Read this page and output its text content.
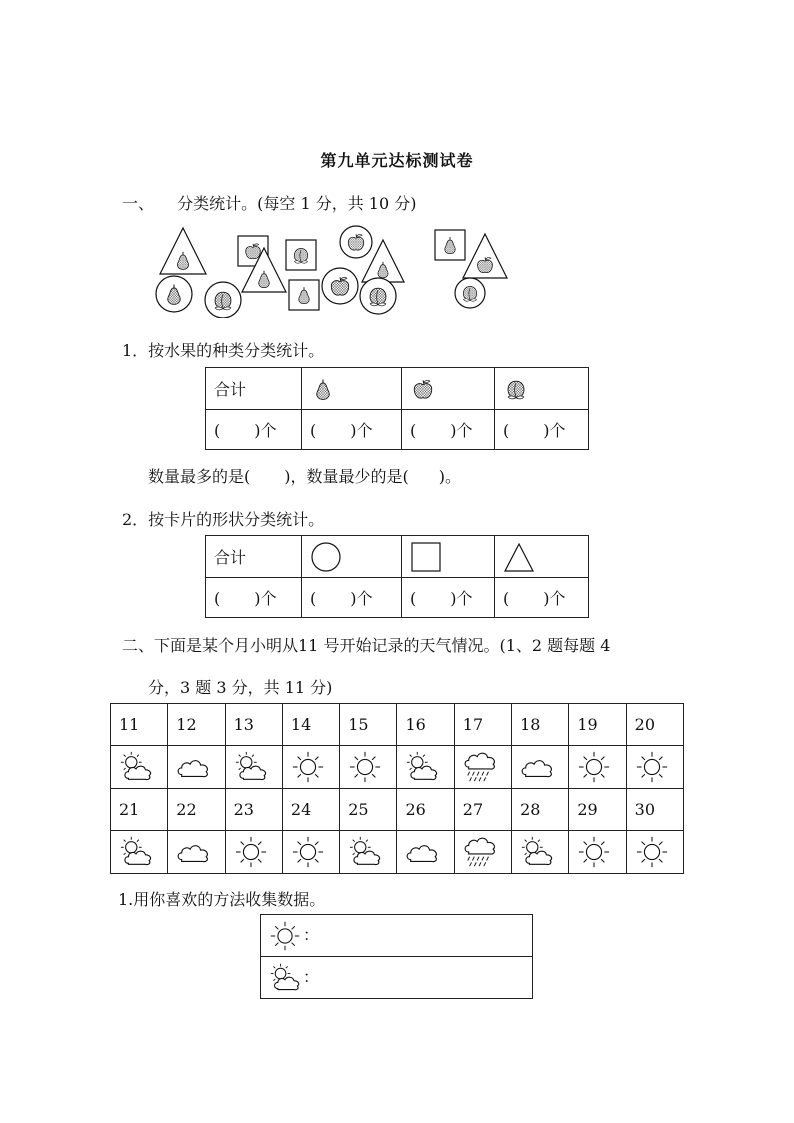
第九单元达标测试卷
一、 分类统计。(每空 1 分，共 10 分)
1．按水果的种类分类统计。
合计			
( )个	( )个	( )个	( )个
数量最多的是( )，数量最少的是( )。
2．按卡片的形状分类统计。
合计			
( )个	( )个	( )个	( )个
二、下面是某个月小明从11 号开始记录的天气情况。(1、2 题每题 4
分，3 题 3 分，共 11 分)
11	12	13	14	15	16	17	18	19	20

21	22	23	24	25	26	27	28	29	30

1.用你喜欢的方法收集数据。
：
：
